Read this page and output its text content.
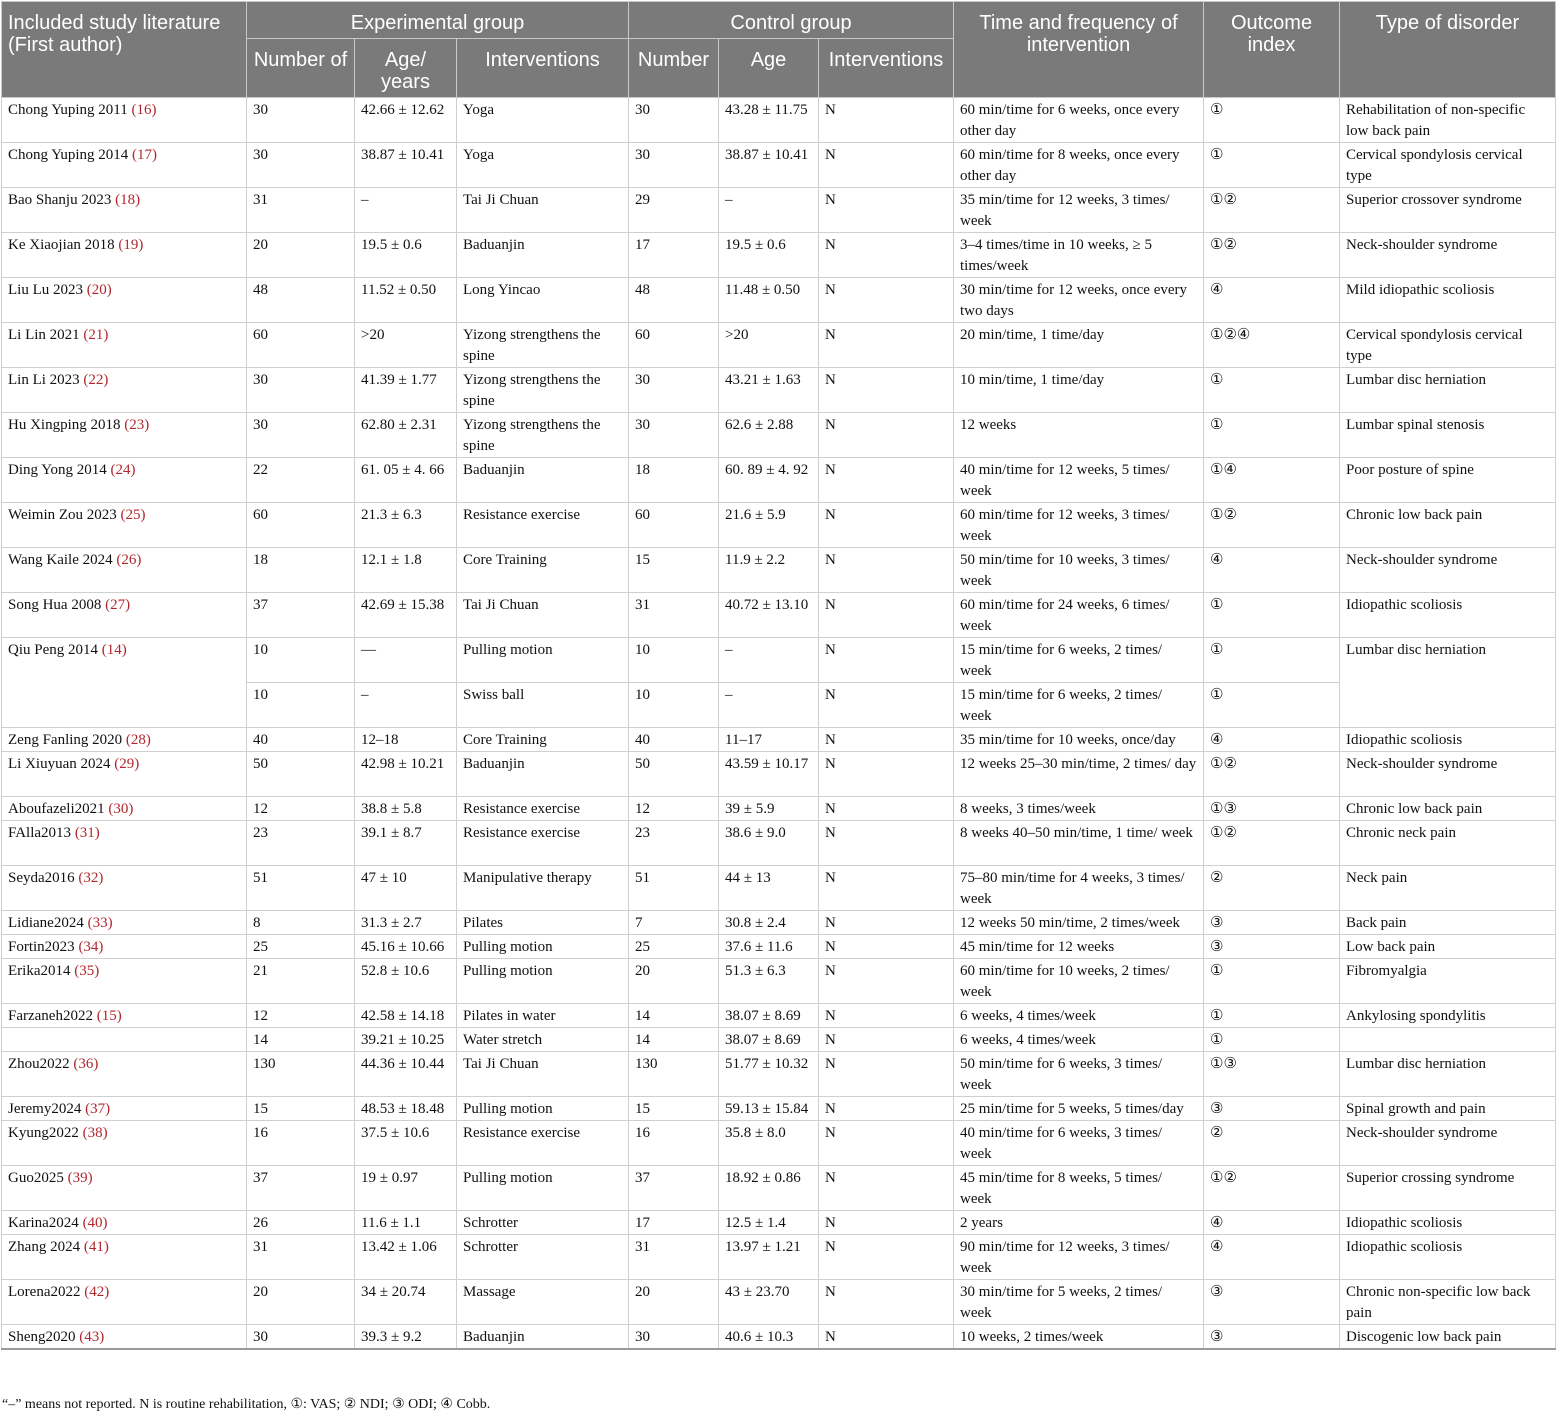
Included study literature (First author)	Experimental group			Control group			Time and frequency of intervention	Outcome index	Type of disorder
	Number of	Age/ years	Interventions	Number	Age	Interventions			
Chong Yuping 2011 (16)	30	42.66 ± 12.62	Yoga	30	43.28 ± 11.75	N	60 min/time for 6 weeks, once every other day	①	Rehabilitation of non-specific low back pain
Chong Yuping 2014 (17)	30	38.87 ± 10.41	Yoga	30	38.87 ± 10.41	N	60 min/time for 8 weeks, once every other day	①	Cervical spondylosis cervical type
Bao Shanju 2023 (18)	31	–	Tai Ji Chuan	29	–	N	35 min/time for 12 weeks, 3 times/ week	①②	Superior crossover syndrome
Ke Xiaojian 2018 (19)	20	19.5 ± 0.6	Baduanjin	17	19.5 ± 0.6	N	3–4 times/time in 10 weeks, ≥ 5 times/week	①②	Neck-shoulder syndrome
Liu Lu 2023 (20)	48	11.52 ± 0.50	Long Yincao	48	11.48 ± 0.50	N	30 min/time for 12 weeks, once every two days	④	Mild idiopathic scoliosis
Li Lin 2021 (21)	60	>20	Yizong strengthens the spine	60	>20	N	20 min/time, 1 time/day	①②④	Cervical spondylosis cervical type
Lin Li 2023 (22)	30	41.39 ± 1.77	Yizong strengthens the spine	30	43.21 ± 1.63	N	10 min/time, 1 time/day	①	Lumbar disc herniation
Hu Xingping 2018 (23)	30	62.80 ± 2.31	Yizong strengthens the spine	30	62.6 ± 2.88	N	12 weeks	①	Lumbar spinal stenosis
Ding Yong 2014 (24)	22	61. 05 ± 4. 66	Baduanjin	18	60. 89 ± 4. 92	N	40 min/time for 12 weeks, 5 times/ week	①④	Poor posture of spine
Weimin Zou 2023 (25)	60	21.3 ± 6.3	Resistance exercise	60	21.6 ± 5.9	N	60 min/time for 12 weeks, 3 times/ week	①②	Chronic low back pain
Wang Kaile 2024 (26)	18	12.1 ± 1.8	Core Training	15	11.9 ± 2.2	N	50 min/time for 10 weeks, 3 times/ week	④	Neck-shoulder syndrome
Song Hua 2008 (27)	37	42.69 ± 15.38	Tai Ji Chuan	31	40.72 ± 13.10	N	60 min/time for 24 weeks, 6 times/ week	①	Idiopathic scoliosis
Qiu Peng 2014 (14)	10	—	Pulling motion	10	–	N	15 min/time for 6 weeks, 2 times/ week	①	Lumbar disc herniation
	10	–	Swiss ball	10	–	N	15 min/time for 6 weeks, 2 times/ week	①	
Zeng Fanling 2020 (28)	40	12–18	Core Training	40	11–17	N	35 min/time for 10 weeks, once/day	④	Idiopathic scoliosis
Li Xiuyuan 2024 (29)	50	42.98 ± 10.21	Baduanjin	50	43.59 ± 10.17	N	12 weeks 25–30 min/time, 2 times/ day	①②	Neck-shoulder syndrome
Aboufazeli2021 (30)	12	38.8 ± 5.8	Resistance exercise	12	39 ± 5.9	N	8 weeks, 3 times/week	①③	Chronic low back pain
FAlla2013 (31)	23	39.1 ± 8.7	Resistance exercise	23	38.6 ± 9.0	N	8 weeks 40–50 min/time, 1 time/ week	①②	Chronic neck pain
Seyda2016 (32)	51	47 ± 10	Manipulative therapy	51	44 ± 13	N	75–80 min/time for 4 weeks, 3 times/ week	②	Neck pain
Lidiane2024 (33)	8	31.3 ± 2.7	Pilates	7	30.8 ± 2.4	N	12 weeks 50 min/time, 2 times/week	③	Back pain
Fortin2023 (34)	25	45.16 ± 10.66	Pulling motion	25	37.6 ± 11.6	N	45 min/time for 12 weeks	③	Low back pain
Erika2014 (35)	21	52.8 ± 10.6	Pulling motion	20	51.3 ± 6.3	N	60 min/time for 10 weeks, 2 times/ week	①	Fibromyalgia
Farzaneh2022 (15)	12	42.58 ± 14.18	Pilates in water	14	38.07 ± 8.69	N	6 weeks, 4 times/week	①	Ankylosing spondylitis
	14	39.21 ± 10.25	Water stretch	14	38.07 ± 8.69	N	6 weeks, 4 times/week	①	
Zhou2022 (36)	130	44.36 ± 10.44	Tai Ji Chuan	130	51.77 ± 10.32	N	50 min/time for 6 weeks, 3 times/ week	①③	Lumbar disc herniation
Jeremy2024 (37)	15	48.53 ± 18.48	Pulling motion	15	59.13 ± 15.84	N	25 min/time for 5 weeks, 5 times/day	③	Spinal growth and pain
Kyung2022 (38)	16	37.5 ± 10.6	Resistance exercise	16	35.8 ± 8.0	N	40 min/time for 6 weeks, 3 times/ week	②	Neck-shoulder syndrome
Guo2025 (39)	37	19 ± 0.97	Pulling motion	37	18.92 ± 0.86	N	45 min/time for 8 weeks, 5 times/ week	①②	Superior crossing syndrome
Karina2024 (40)	26	11.6 ± 1.1	Schrotter	17	12.5 ± 1.4	N	2 years	④	Idiopathic scoliosis
Zhang 2024 (41)	31	13.42 ± 1.06	Schrotter	31	13.97 ± 1.21	N	90 min/time for 12 weeks, 3 times/ week	④	Idiopathic scoliosis
Lorena2022 (42)	20	34 ± 20.74	Massage	20	43 ± 23.70	N	30 min/time for 5 weeks, 2 times/ week	③	Chronic non-specific low back pain
Sheng2020 (43)	30	39.3 ± 9.2	Baduanjin	30	40.6 ± 10.3	N	10 weeks, 2 times/week	③	Discogenic low back pain
“–” means not reported. N is routine rehabilitation, ①: VAS; ② NDI; ③ ODI; ④ Cobb.
